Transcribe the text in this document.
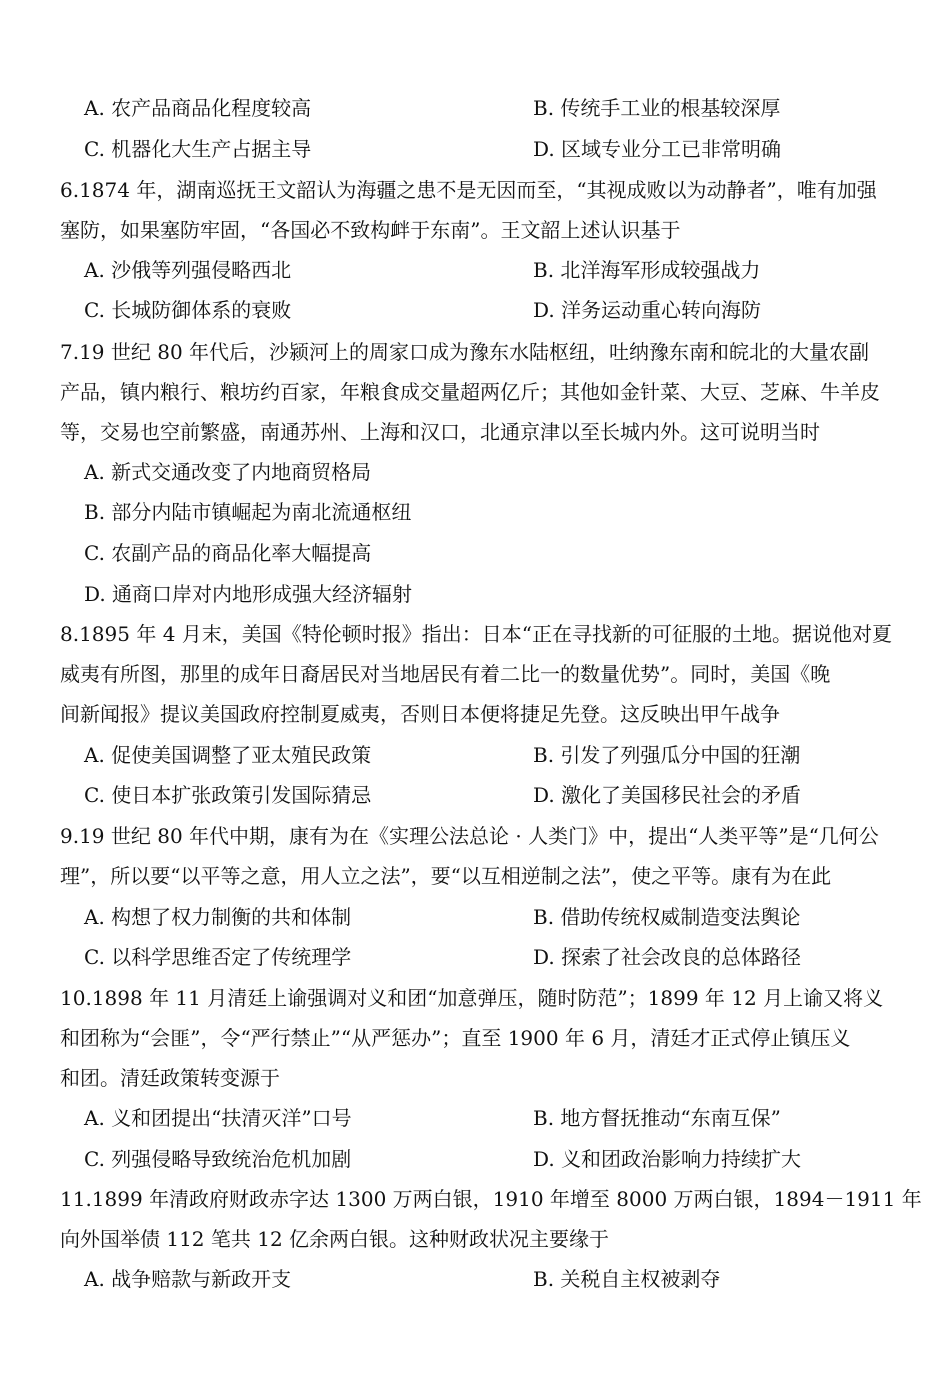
A. 农产品商品化程度较高	B. 传统手工业的根基较深厚
C. 机器化大生产占据主导	D. 区域专业分工已非常明确
6.1874 年，湖南巡抚王文韶认为海疆之患不是无因而至，“其视成败以为动静者”，唯有加强
塞防，如果塞防牢固，“各国必不致构衅于东南”。王文韶上述认识基于
A. 沙俄等列强侵略西北	B. 北洋海军形成较强战力
C. 长城防御体系的衰败	D. 洋务运动重心转向海防
7.19 世纪 80 年代后，沙颍河上的周家口成为豫东水陆枢纽，吐纳豫东南和皖北的大量农副
产品，镇内粮行、粮坊约百家，年粮食成交量超两亿斤；其他如金针菜、大豆、芝麻、牛羊皮
等，交易也空前繁盛，南通苏州、上海和汉口，北通京津以至长城内外。这可说明当时
A. 新式交通改变了内地商贸格局
B. 部分内陆市镇崛起为南北流通枢纽
C. 农副产品的商品化率大幅提高
D. 通商口岸对内地形成强大经济辐射
8.1895 年 4 月末，美国《特伦顿时报》指出：日本“正在寻找新的可征服的土地。据说他对夏
威夷有所图，那里的成年日裔居民对当地居民有着二比一的数量优势”。同时，美国《晚
间新闻报》提议美国政府控制夏威夷，否则日本便将捷足先登。这反映出甲午战争
A. 促使美国调整了亚太殖民政策	B. 引发了列强瓜分中国的狂潮
C. 使日本扩张政策引发国际猜忌	D. 激化了美国移民社会的矛盾
9.19 世纪 80 年代中期，康有为在《实理公法总论 · 人类门》中，提出“人类平等”是“几何公
理”，所以要“以平等之意，用人立之法”，要“以互相逆制之法”，使之平等。康有为在此
A. 构想了权力制衡的共和体制	B. 借助传统权威制造变法舆论
C. 以科学思维否定了传统理学	D. 探索了社会改良的总体路径
10.1898 年 11 月清廷上谕强调对义和团“加意弹压，随时防范”；1899 年 12 月上谕又将义
和团称为“会匪”，令“严行禁止”“从严惩办”；直至 1900 年 6 月，清廷才正式停止镇压义
和团。清廷政策转变源于
A. 义和团提出“扶清灭洋”口号	B. 地方督抚推动“东南互保”
C. 列强侵略导致统治危机加剧	D. 义和团政治影响力持续扩大
11.1899 年清政府财政赤字达 1300 万两白银，1910 年增至 8000 万两白银，1894－1911 年
向外国举债 112 笔共 12 亿余两白银。这种财政状况主要缘于
A. 战争赔款与新政开支	B. 关税自主权被剥夺
